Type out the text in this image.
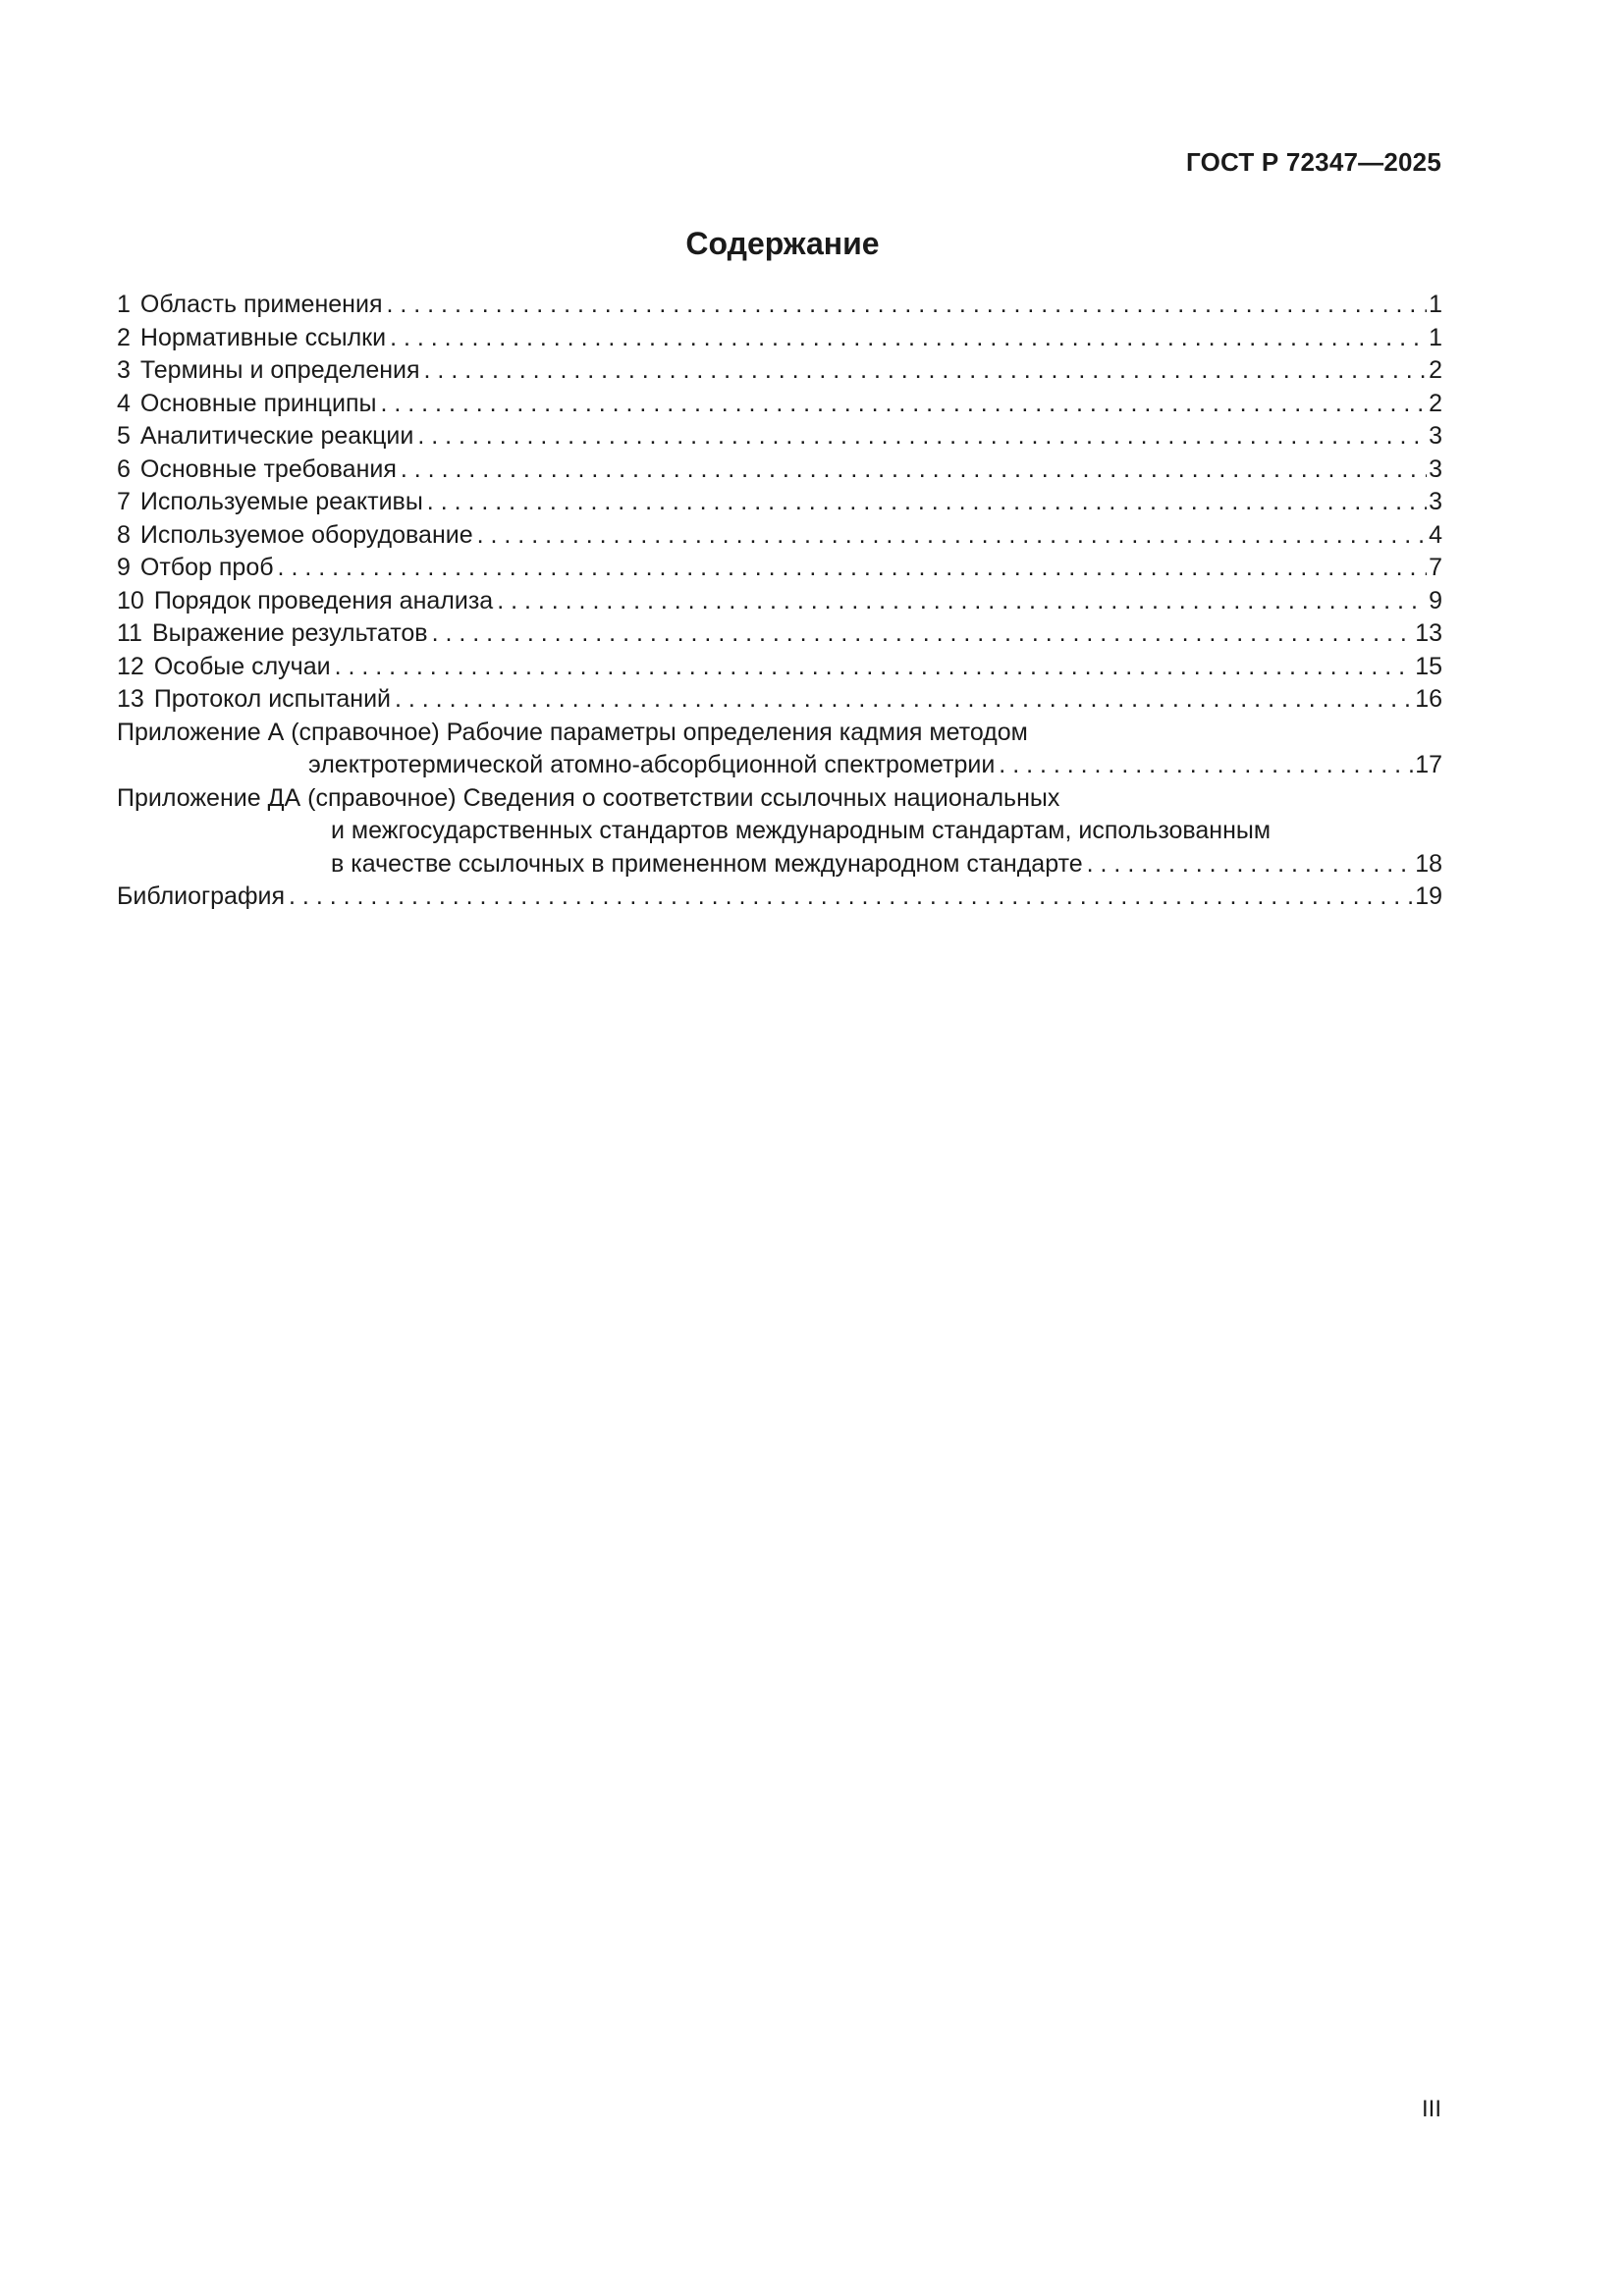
ГОСТ Р 72347—2025
Содержание
1 Область применения . . .	1
2 Нормативные ссылки . . .	1
3 Термины и определения . . .	2
4 Основные принципы . . .	2
5 Аналитические реакции . . .	3
6 Основные требования . . .	3
7 Используемые реактивы . . .	3
8 Используемое оборудование . . .	4
9 Отбор проб . . .	7
10 Порядок проведения анализа . . .	9
11 Выражение результатов . . .	13
12 Особые случаи . . .	15
13 Протокол испытаний . . .	16
Приложение А (справочное) Рабочие параметры определения кадмия методом
электротермической атомно-абсорбционной спектрометрии . . .	17
Приложение ДА (справочное) Сведения о соответствии ссылочных национальных
и межгосударственных стандартов международным стандартам, использованным
в качестве ссылочных в примененном международном стандарте . . .	18
Библиография . . .	19
III
